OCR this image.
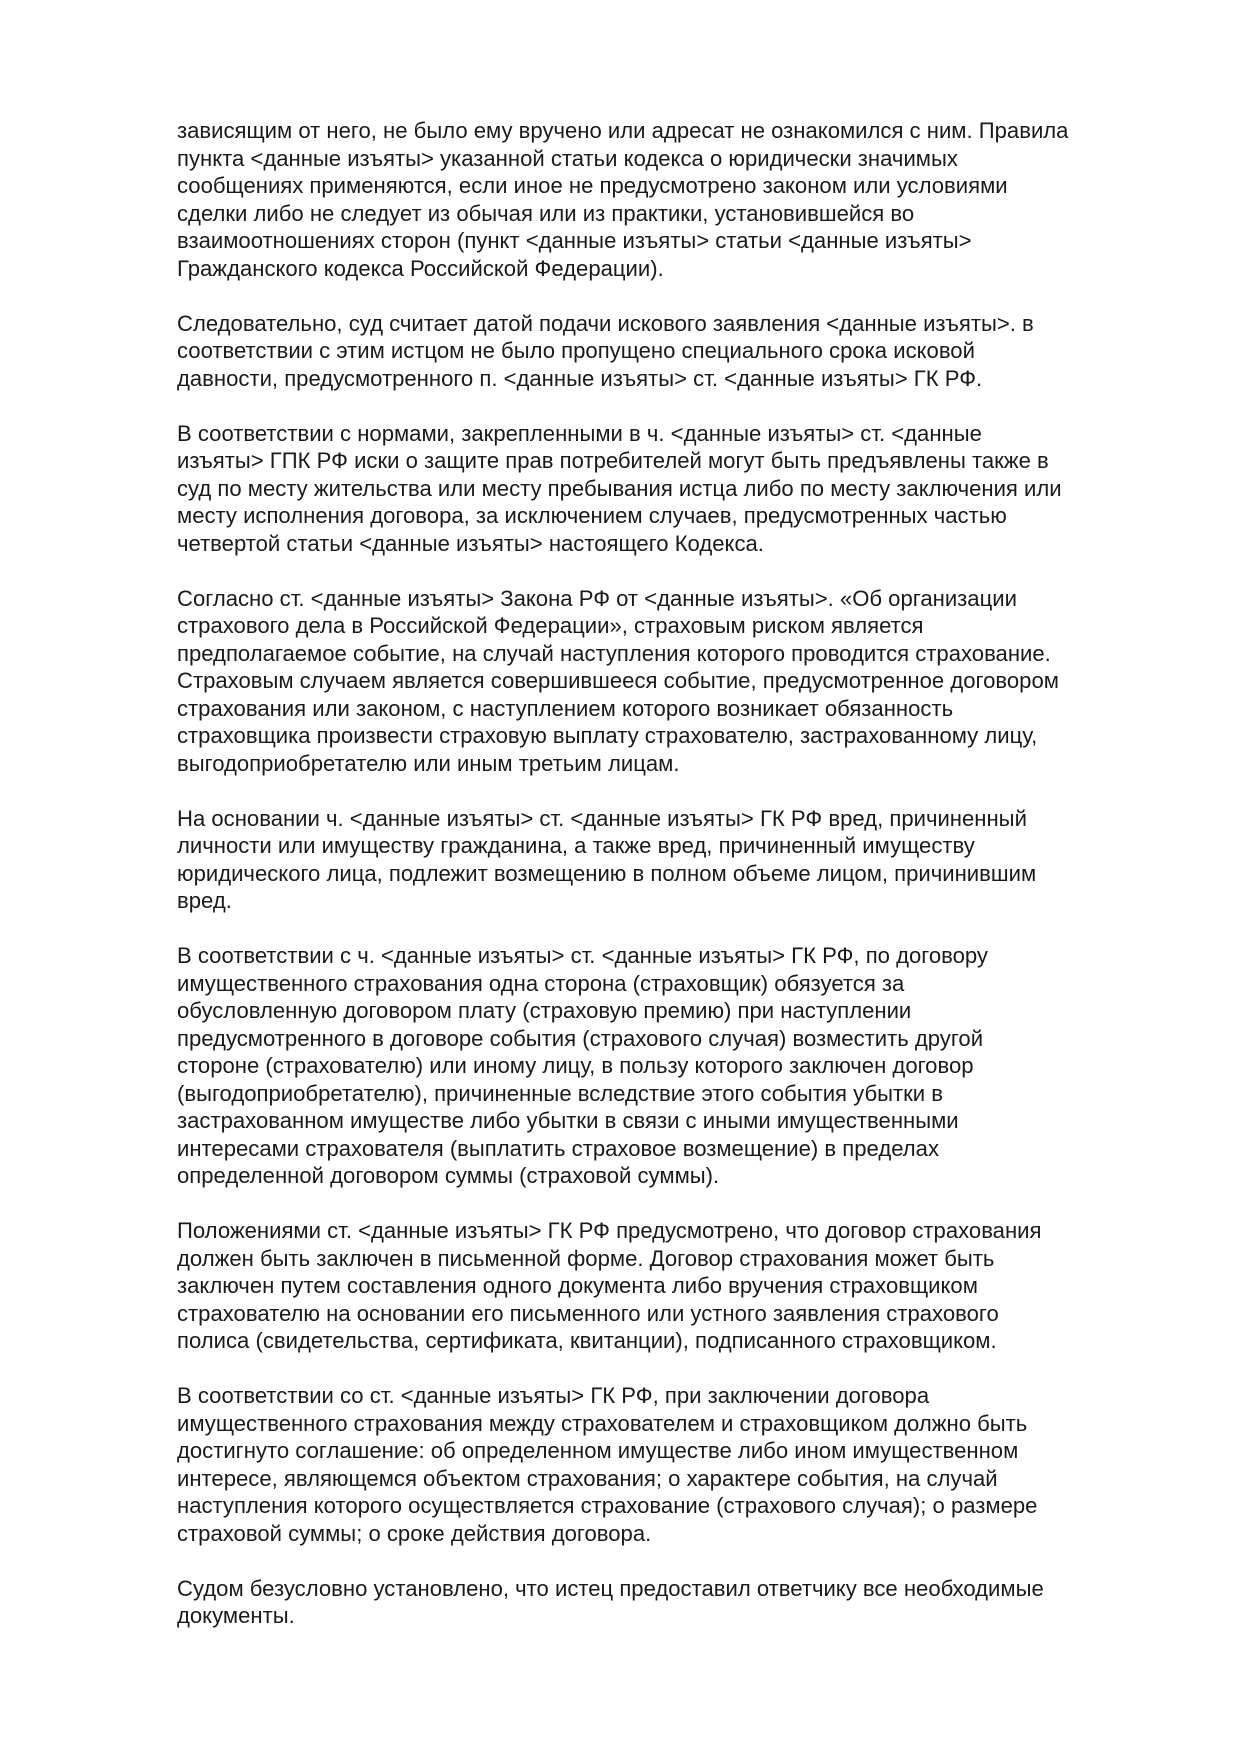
зависящим от него, не было ему вручено или адресат не ознакомился с ним. Правила
пункта <данные изъяты> указанной статьи кодекса о юридически значимых
сообщениях применяются, если иное не предусмотрено законом или условиями
сделки либо не следует из обычая или из практики, установившейся во
взаимоотношениях сторон (пункт <данные изъяты> статьи <данные изъяты>
Гражданского кодекса Российской Федерации).

Следовательно, суд считает датой подачи искового заявления <данные изъяты>. в
соответствии с этим истцом не было пропущено специального срока исковой
давности, предусмотренного п. <данные изъяты> ст. <данные изъяты> ГК РФ.

В соответствии с нормами, закрепленными в ч. <данные изъяты> ст. <данные
изъяты> ГПК РФ иски о защите прав потребителей могут быть предъявлены также в
суд по месту жительства или месту пребывания истца либо по месту заключения или
месту исполнения договора, за исключением случаев, предусмотренных частью
четвертой статьи <данные изъяты> настоящего Кодекса.

Согласно ст. <данные изъяты> Закона РФ от <данные изъяты>. «Об организации
страхового дела в Российской Федерации», страховым риском является
предполагаемое событие, на случай наступления которого проводится страхование.
Страховым случаем является совершившееся событие, предусмотренное договором
страхования или законом, с наступлением которого возникает обязанность
страховщика произвести страховую выплату страхователю, застрахованному лицу,
выгодоприобретателю или иным третьим лицам.

На основании ч. <данные изъяты> ст. <данные изъяты> ГК РФ вред, причиненный
личности или имуществу гражданина, а также вред, причиненный имуществу
юридического лица, подлежит возмещению в полном объеме лицом, причинившим
вред.

В соответствии с ч. <данные изъяты> ст. <данные изъяты> ГК РФ, по договору
имущественного страхования одна сторона (страховщик) обязуется за
обусловленную договором плату (страховую премию) при наступлении
предусмотренного в договоре события (страхового случая) возместить другой
стороне (страхователю) или иному лицу, в пользу которого заключен договор
(выгодоприобретателю), причиненные вследствие этого события убытки в
застрахованном имуществе либо убытки в связи с иными имущественными
интересами страхователя (выплатить страховое возмещение) в пределах
определенной договором суммы (страховой суммы).

Положениями ст. <данные изъяты> ГК РФ предусмотрено, что договор страхования
должен быть заключен в письменной форме. Договор страхования может быть
заключен путем составления одного документа либо вручения страховщиком
страхователю на основании его письменного или устного заявления страхового
полиса (свидетельства, сертификата, квитанции), подписанного страховщиком.

В соответствии со ст. <данные изъяты> ГК РФ, при заключении договора
имущественного страхования между страхователем и страховщиком должно быть
достигнуто соглашение: об определенном имуществе либо ином имущественном
интересе, являющемся объектом страхования; о характере события, на случай
наступления которого осуществляется страхование (страхового случая); о размере
страховой суммы; о сроке действия договора.

Судом безусловно установлено, что истец предоставил ответчику все необходимые
документы.
